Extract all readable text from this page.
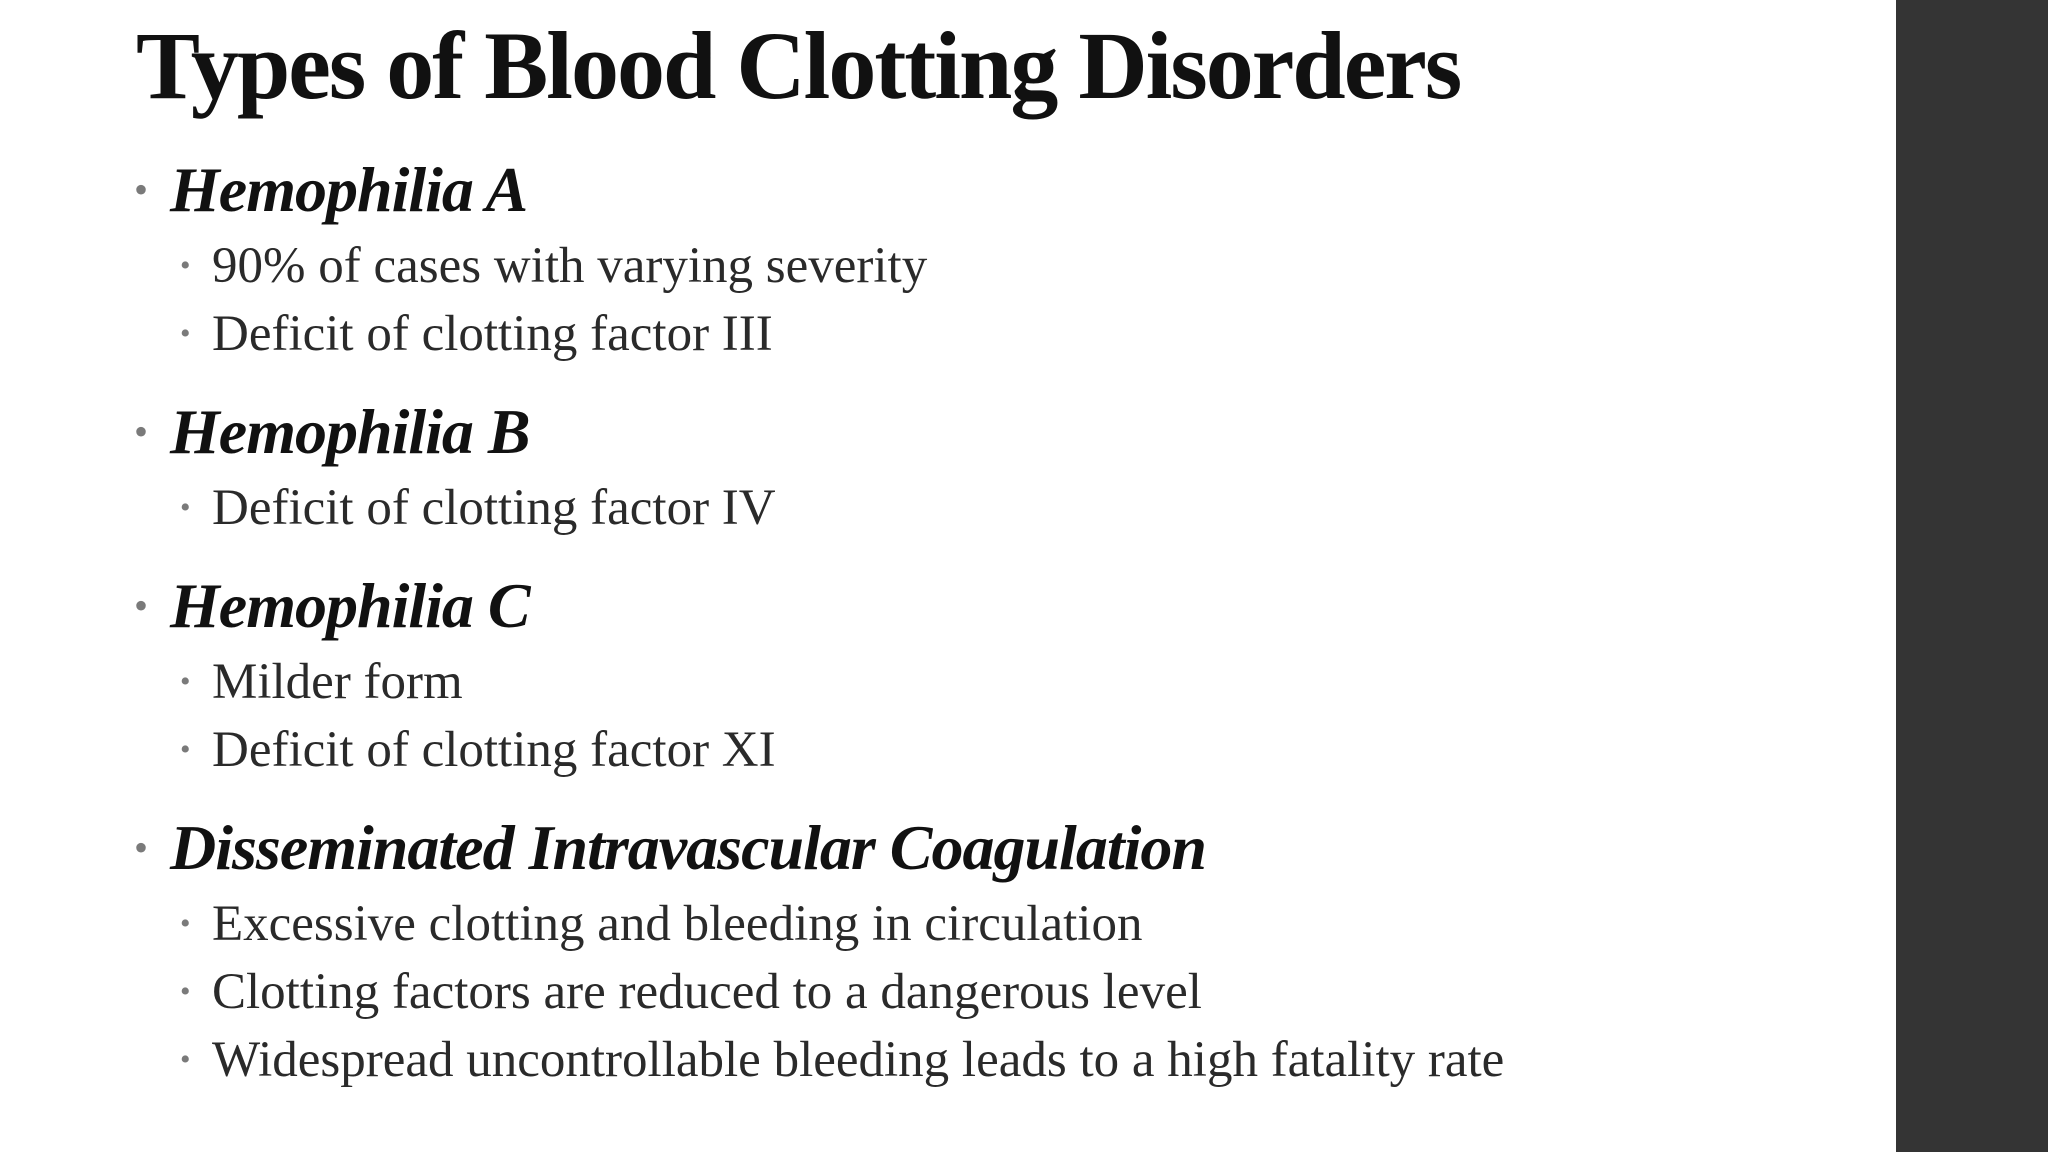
Types of Blood Clotting Disorders
• Hemophilia A
• 90% of cases with varying severity
• Deficit of clotting factor III
• Hemophilia B
• Deficit of clotting factor IV
• Hemophilia C
• Milder form
• Deficit of clotting factor XI
• Disseminated Intravascular Coagulation
• Excessive clotting and bleeding in circulation
• Clotting factors are reduced to a dangerous level
• Widespread uncontrollable bleeding leads to a high fatality rate
